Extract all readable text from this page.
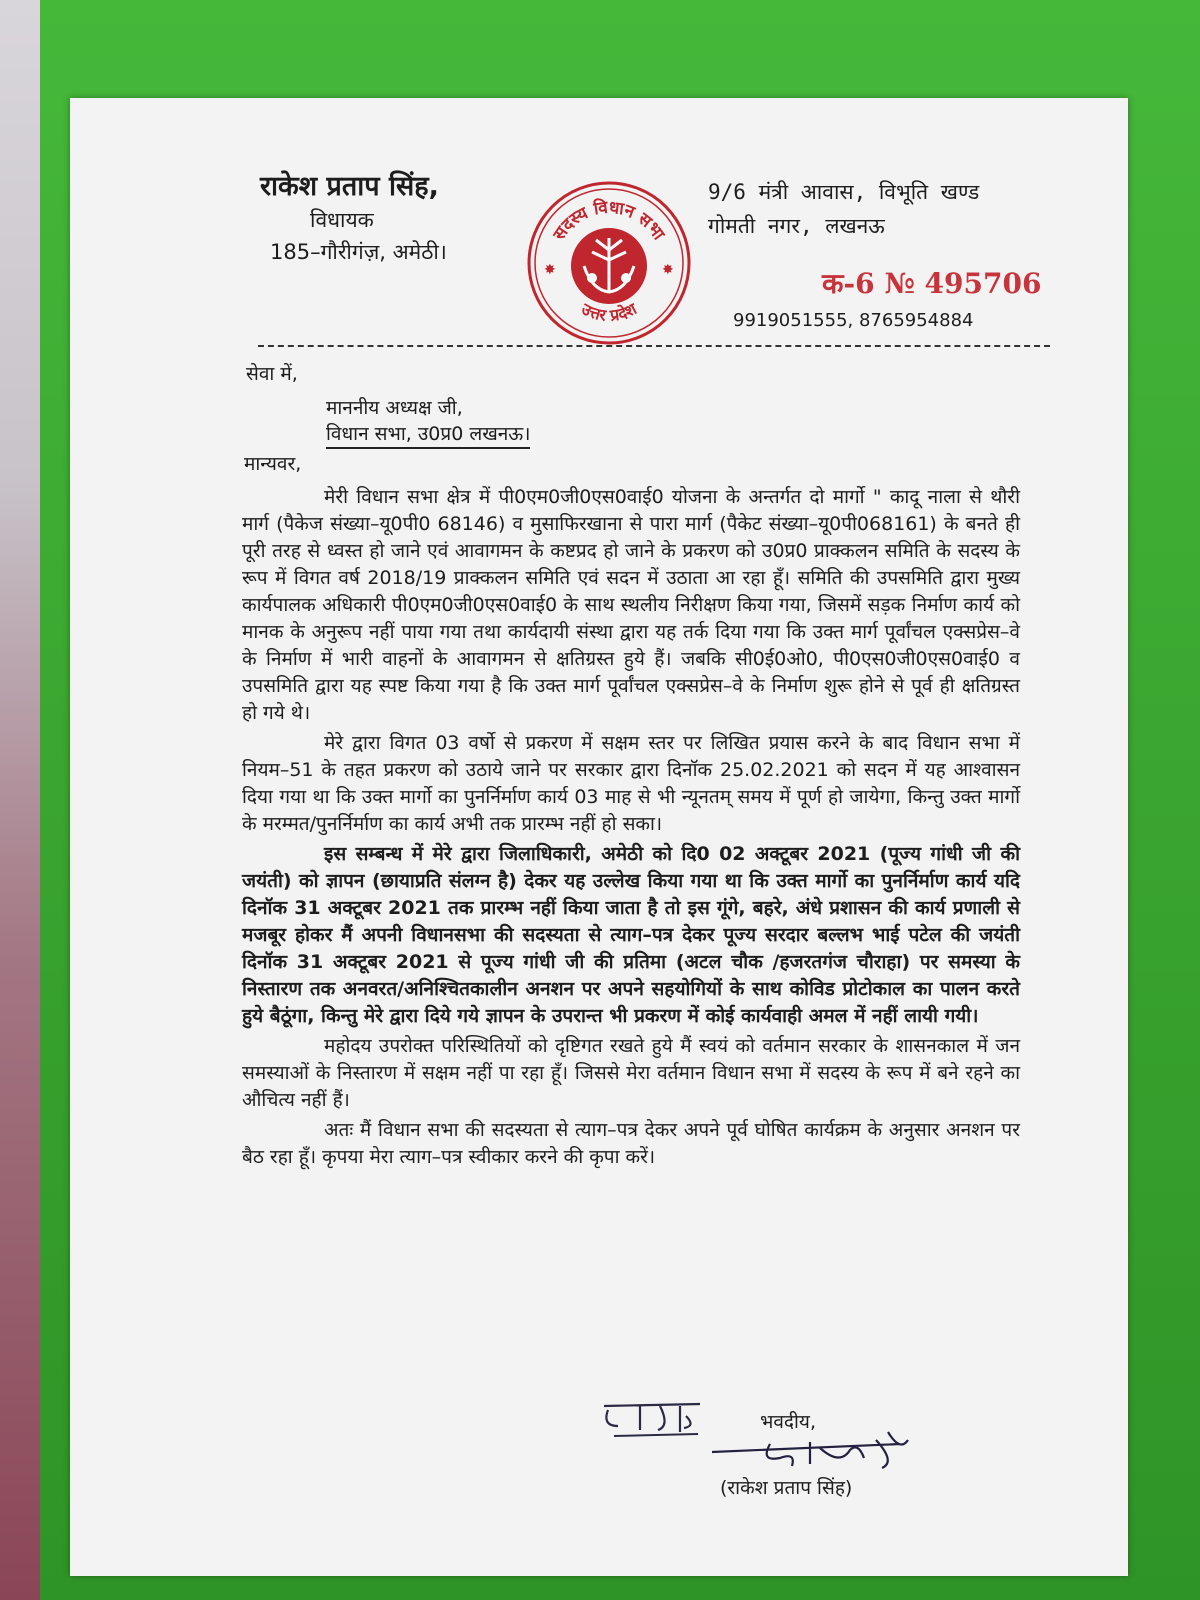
राकेश प्रताप सिंह,
विधायक
185–गौरीगंज़, अमेठी।
सदस्य विधान सभा
✸	✸
उत्तर प्रदेश
9/6 मंत्री आवास, विभूति खण्ड
गोमती नगर, लखनऊ
क-6 № 495706
9919051555, 8765954884
सेवा में,
माननीय अध्यक्ष जी,
विधान सभा, उ0प्र0 लखनऊ।
मान्यवर,

मेरी विधान सभा क्षेत्र में पी0एम0जी0एस0वाई0 योजना के अन्तर्गत दो मार्गो " कादू नाला से थौरी मार्ग (पैकेज संख्या–यू0पी0 68146) व मुसाफिरखाना से पारा मार्ग (पैकेट संख्या–यू0पी068161) के बनते ही पूरी तरह से ध्वस्त हो जाने एवं आवागमन के कष्टप्रद हो जाने के प्रकरण को उ0प्र0 प्राक्कलन समिति के सदस्य के रूप में विगत वर्ष 2018/19 प्राक्कलन समिति एवं सदन में उठाता आ रहा हूँ। समिति की उपसमिति द्वारा मुख्य कार्यपालक अधिकारी पी0एम0जी0एस0वाई0 के साथ स्थलीय निरीक्षण किया गया, जिसमें सड़क निर्माण कार्य को मानक के अनुरूप नहीं पाया गया तथा कार्यदायी संस्था द्वारा यह तर्क दिया गया कि उक्त मार्ग पूर्वांचल एक्सप्रेस–वे के निर्माण में भारी वाहनों के आवागमन से क्षतिग्रस्त हुये हैं। जबकि सी0ई0ओ0, पी0एस0जी0एस0वाई0 व उपसमिति द्वारा यह स्पष्ट किया गया है कि उक्त मार्ग पूर्वांचल एक्सप्रेस–वे के निर्माण शुरू होने से पूर्व ही क्षतिग्रस्त हो गये थे।

मेरे द्वारा विगत 03 वर्षो से प्रकरण में सक्षम स्तर पर लिखित प्रयास करने के बाद विधान सभा में नियम–51 के तहत प्रकरण को उठाये जाने पर सरकार द्वारा दिनॉक 25.02.2021 को सदन में यह आश्वासन दिया गया था कि उक्त मार्गो का पुनर्निर्माण कार्य 03 माह से भी न्यूनतम् समय में पूर्ण हो जायेगा, किन्तु उक्त मार्गो के मरम्मत/पुनर्निर्माण का कार्य अभी तक प्रारम्भ नहीं हो सका।

इस सम्बन्ध में मेरे द्वारा जिलाधिकारी, अमेठी को दि0 02 अक्टूबर 2021 (पूज्य गांधी जी की जयंती) को ज्ञापन (छायाप्रति संलग्न है) देकर यह उल्लेख किया गया था कि उक्त मार्गो का पुनर्निर्माण कार्य यदि दिनॉक 31 अक्टूबर 2021 तक प्रारम्भ नहीं किया जाता है तो इस गूंगे, बहरे, अंधे प्रशासन की कार्य प्रणाली से मजबूर होकर मैं अपनी विधानसभा की सदस्यता से त्याग–पत्र देकर पूज्य सरदार बल्लभ भाई पटेल की जयंती दिनॉक 31 अक्टूबर 2021 से पूज्य गांधी जी की प्रतिमा (अटल चौक /हजरतगंज चौराहा) पर समस्या के निस्तारण तक अनवरत/अनिश्चितकालीन अनशन पर अपने सहयोगियों के साथ कोविड प्रोटोकाल का पालन करते हुये बैठूंगा, किन्तु मेरे द्वारा दिये गये ज्ञापन के उपरान्त भी प्रकरण में कोई कार्यवाही अमल में नहीं लायी गयी।

महोदय उपरोक्त परिस्थितियों को दृष्टिगत रखते हुये मैं स्वयं को वर्तमान सरकार के शासनकाल में जन समस्याओं के निस्तारण में सक्षम नहीं पा रहा हूँ। जिससे मेरा वर्तमान विधान सभा में सदस्य के रूप में बने रहने का औचित्य नहीं हैं।

अतः मैं विधान सभा की सदस्यता से त्याग–पत्र देकर अपने पूर्व घोषित कार्यक्रम के अनुसार अनशन पर बैठ रहा हूँ। कृपया मेरा त्याग–पत्र स्वीकार करने की कृपा करें।

भवदीय,
(राकेश प्रताप सिंह)
